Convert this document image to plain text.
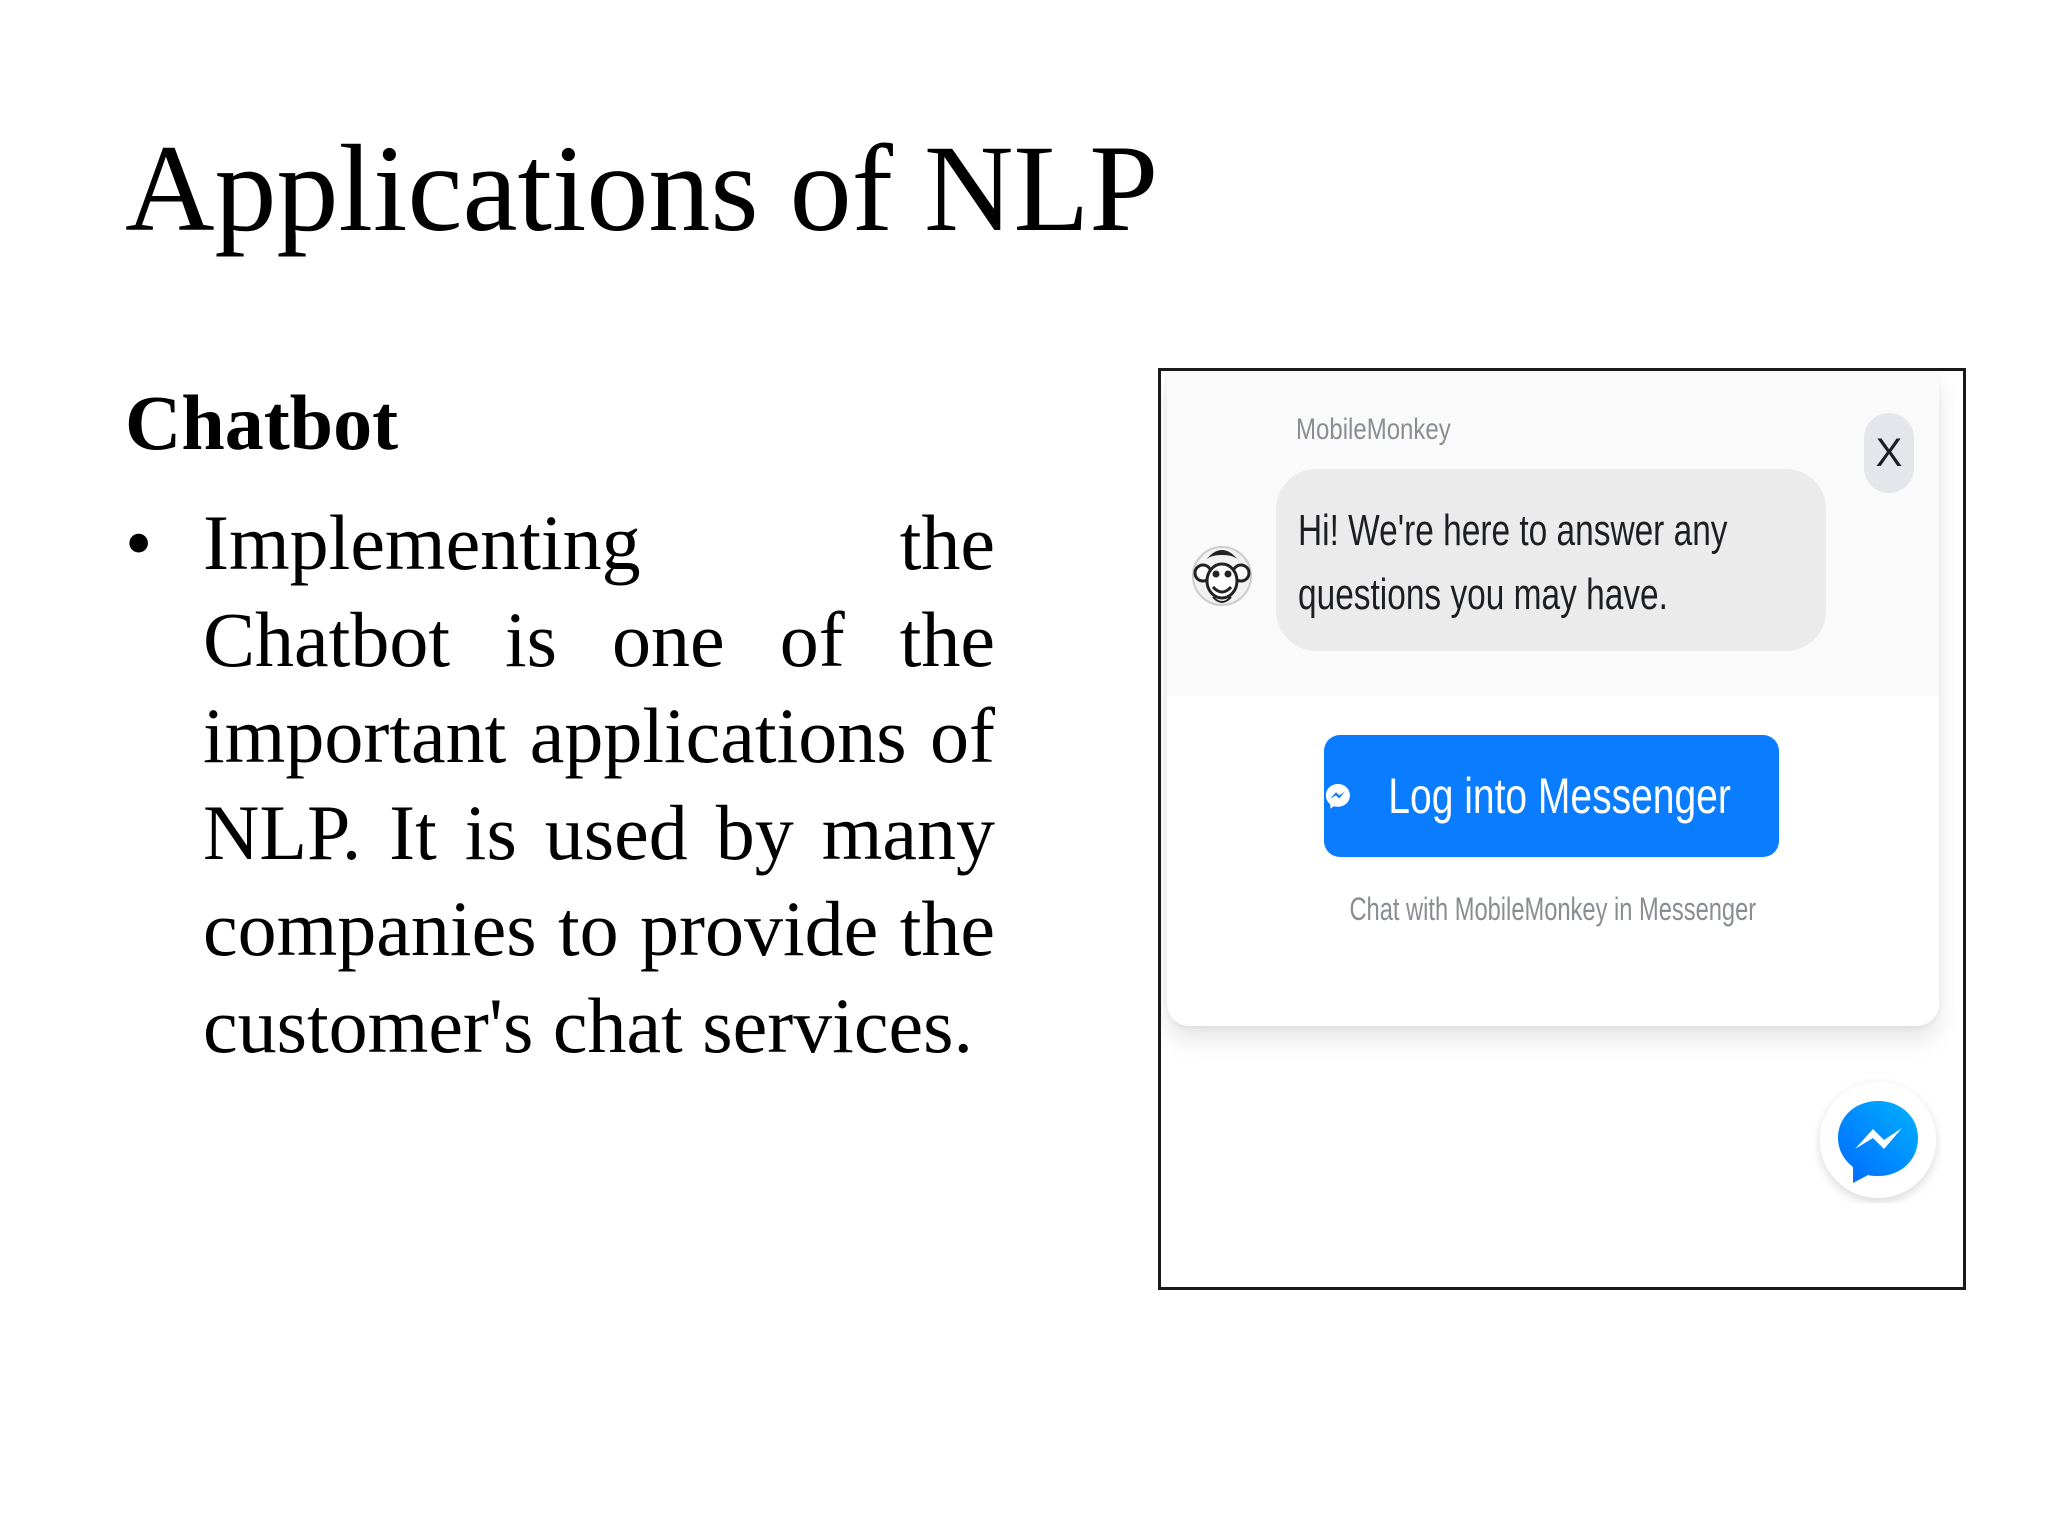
Applications of NLP
Chatbot
• Implementing the Chatbot is one of the important applications of NLP. It is used by many companies to provide the customer's chat services.
MobileMonkey
X
Hi! We're here to answer any
questions you may have.
Log into Messenger
Chat with MobileMonkey in Messenger
